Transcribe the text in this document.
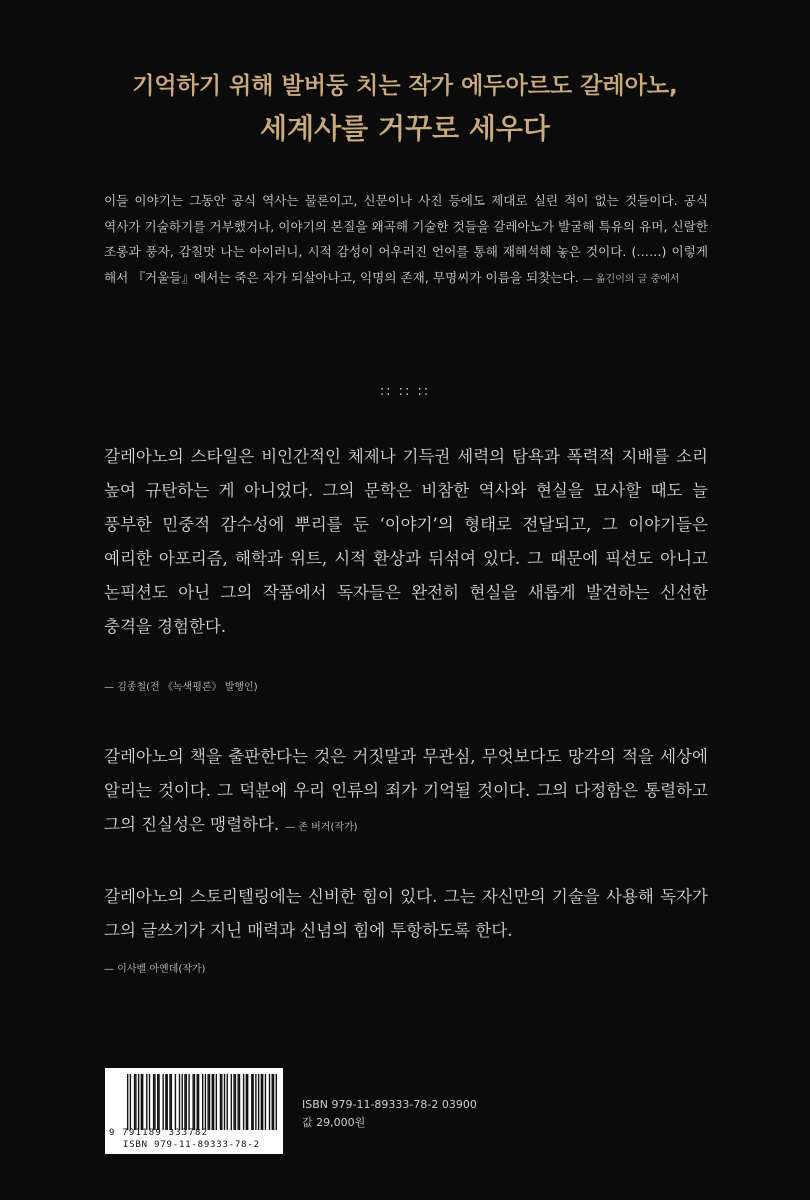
기억하기 위해 발버둥 치는 작가 에두아르도 갈레아노,
세계사를 거꾸로 세우다
이들 이야기는 그동안 공식 역사는 물론이고, 신문이나 사진 등에도 제대로 실린 적이 없는 것들이다. 공식 역사가 기술하기를 거부했거나, 이야기의 본질을 왜곡해 기술한 것들을 갈레아노가 발굴해 특유의 유머, 신랄한 조롱과 풍자, 감칠맛 나는 아이러니, 시적 감성이 어우러진 언어를 통해 재해석해 놓은 것이다. (……) 이렇게 해서 『거울들』에서는 죽은 자가 되살아나고, 익명의 존재, 무명씨가 이름을 되찾는다. — 옮긴이의 글 중에서
:: :: ::
갈레아노의 스타일은 비인간적인 체제나 기득권 세력의 탐욕과 폭력적 지배를 소리 높여 규탄하는 게 아니었다. 그의 문학은 비참한 역사와 현실을 묘사할 때도 늘 풍부한 민중적 감수성에 뿌리를 둔 ‘이야기’의 형태로 전달되고, 그 이야기들은 예리한 아포리즘, 해학과 위트, 시적 환상과 뒤섞여 있다. 그 때문에 픽션도 아니고 논픽션도 아닌 그의 작품에서 독자들은 완전히 현실을 새롭게 발견하는 신선한 충격을 경험한다.
— 김종철(전 《녹색평론》 발행인)
갈레아노의 책을 출판한다는 것은 거짓말과 무관심, 무엇보다도 망각의 적을 세상에 알리는 것이다. 그 덕분에 우리 인류의 죄가 기억될 것이다. 그의 다정함은 통렬하고 그의 진실성은 맹렬하다. — 존 버거(작가)
갈레아노의 스토리텔링에는 신비한 힘이 있다. 그는 자신만의 기술을 사용해 독자가 그의 글쓰기가 지닌 매력과 신념의 힘에 투항하도록 한다.
— 이사벨 아옌데(작가)
9 791189 333782
ISBN 979-11-89333-78-2
ISBN 979-11-89333-78-2 03900
값 29,000원
